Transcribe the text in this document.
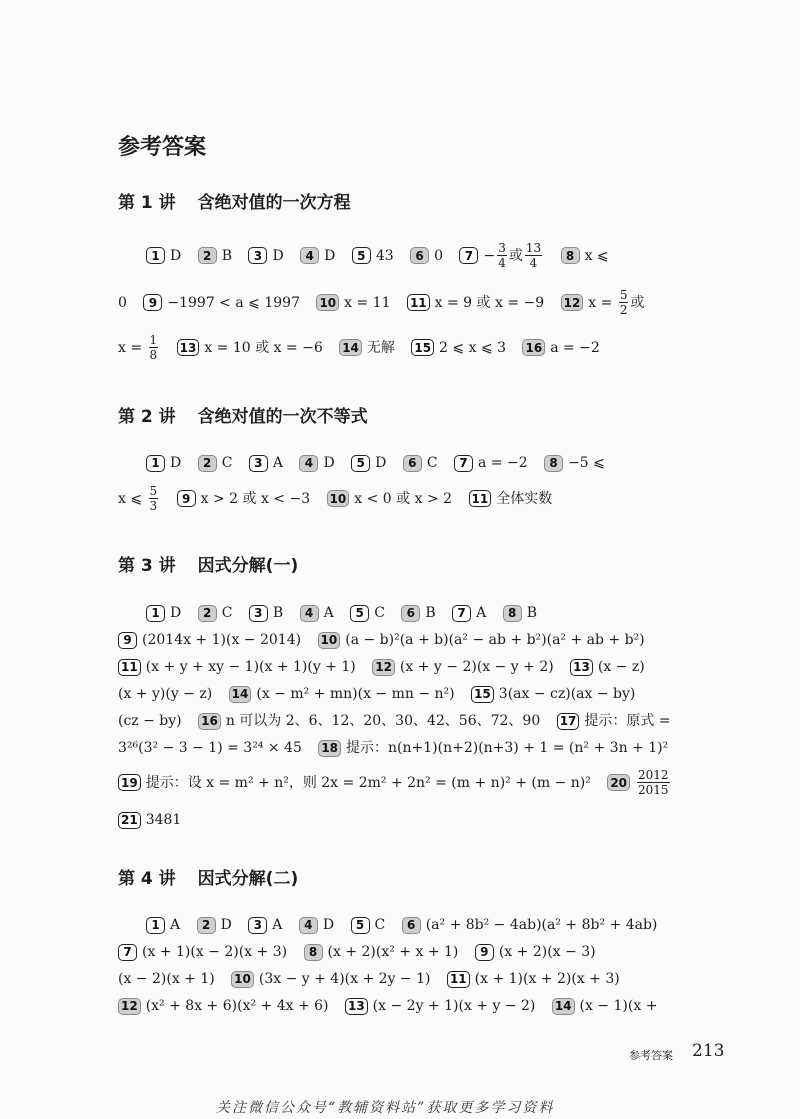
参考答案
第 1 讲 含绝对值的一次方程
1 D 2 B 3 D 4 D 5 43 6 0 $7 - \frac{3}{4}$ 或 $\frac{13}{4} 8$ x ⩽
0 9 −1997 < a ⩽ 1997 10 x = 11 11 x = 9 或 x = −9 12 $x = \frac{5}{2}$ 或
$x = \frac{1}{8} 13$ x = 10 或 x = −6 14 无解 15 2 ⩽ x ⩽ 3 16 a = −2
第 2 讲 含绝对值的一次不等式
1 D 2 C 3 A 4 D 5 D 6 C 7 a = −2 8 −5 ⩽
x ⩽ $\frac{5}{3} 9$ x > 2 或 x < −3 10 x < 0 或 x > 2 11 全体实数
第 3 讲 因式分解(一)
1 D 2 C 3 B 4 A 5 C 6 B 7 A 8 B
9 (2014x + 1)(x − 2014) 10 (a − b)²(a + b)(a² − ab + b²)(a² + ab + b²)
11 (x + y + xy − 1)(x + 1)(y + 1) 12 (x + y − 2)(x − y + 2) 13 (x − z)
(x + y)(y − z) 14 (x − m² + mn)(x − mn − n²) 15 3(ax − cz)(ax − by)
(cz − by) 16 n 可以为 2、6、12、20、30、42、56、72、90 17 提示：原式 =
3²⁶(3² − 3 − 1) = 3²⁴ × 45 18 提示：n(n+1)(n+2)(n+3) + 1 = (n² + 3n + 1)²
19 提示：设 x = m² + n²，则 2x = 2m² + 2n² = (m + n)² + (m − n)² $20 \frac{2012}{2015}$
21 3481
第 4 讲 因式分解(二)
1 A 2 D 3 A 4 D 5 C 6 (a² + 8b² − 4ab)(a² + 8b² + 4ab)
7 (x + 1)(x − 2)(x + 3) 8 (x + 2)(x² + x + 1) 9 (x + 2)(x − 3)
(x − 2)(x + 1) 10 (3x − y + 4)(x + 2y − 1) 11 (x + 1)(x + 2)(x + 3)
12 (x² + 8x + 6)(x² + 4x + 6) 13 (x − 2y + 1)(x + y − 2) 14 (x − 1)(x +
参考答案 213
关注微信公众号“教辅资料站”获取更多学习资料
